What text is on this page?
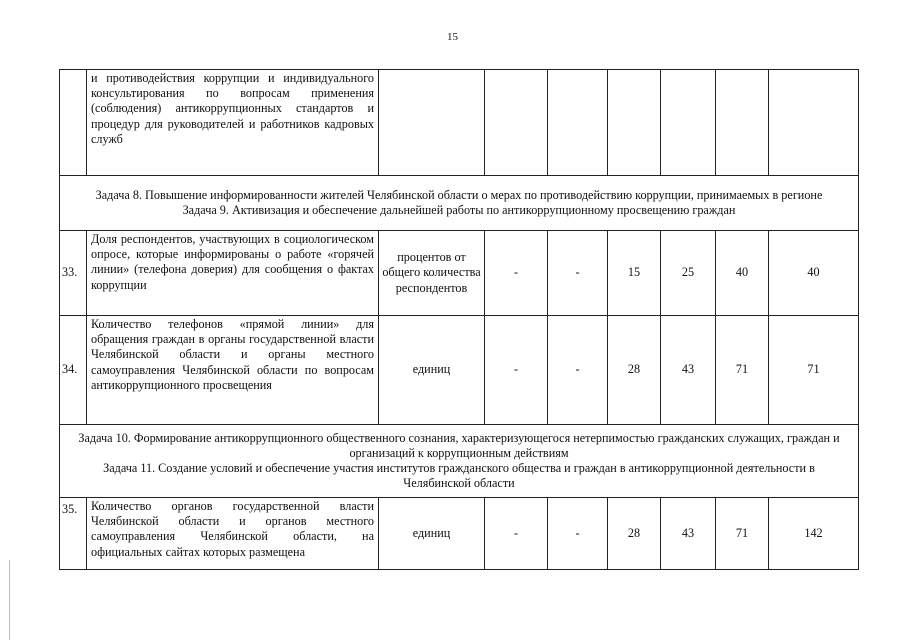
15
	и противодействия коррупции и индивидуального консультирования по вопросам применения (соблюдения) антикоррупционных стандартов и процедур для руководителей и работников кадровых служб							

Задача 8. Повышение информированности жителей Челябинской области о мерах по противодействию коррупции, принимаемых в регионе
Задача 9. Активизация и обеспечение дальнейшей работы по антикоррупционному просвещению граждан								

33.	Доля респондентов, участвующих в социологическом опросе, которые информированы о работе «горячей линии» (телефона доверия) для сообщения о фактах коррупции	процентов от общего количества респондентов	-	-	15	25	40	40
34.	Количество телефонов «прямой линии» для обращения граждан в органы государственной власти Челябинской области и органы местного самоуправления Челябинской области по вопросам антикоррупционного просвещения	единиц	-	-	28	43	71	71

Задача 10. Формирование антикоррупционного общественного сознания, характеризующегося нетерпимостью гражданских служащих, граждан и организаций к коррупционным действиям
Задача 11. Создание условий и обеспечение участия институтов гражданского общества и граждан в антикоррупционной деятельности в Челябинской области								

35.	Количество органов государственной власти Челябинской области и органов местного самоуправления Челябинской области, на официальных сайтах которых размещена	единиц	-	-	28	43	71	142
